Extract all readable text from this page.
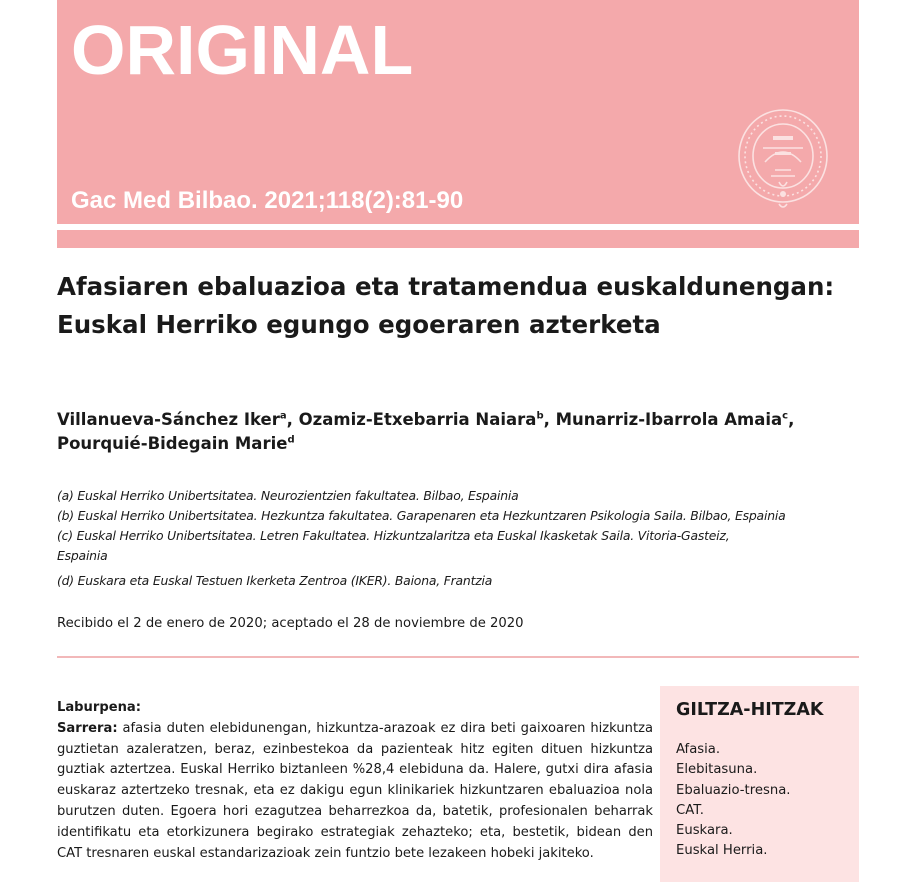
ORIGINAL
Gac Med Bilbao. 2021;118(2):81-90
Afasiaren ebaluazioa eta tratamendua euskaldunengan: Euskal Herriko egungo egoeraren azterketa
Villanueva-Sánchez Iker$^a$, Ozamiz-Etxebarria Naiara$^b$, Munarriz-Ibarrola Amaia$^c$,
Pourquié-Bidegain Marie$^d$
(a) Euskal Herriko Unibertsitatea. Neurozientzien fakultatea. Bilbao, Espainia
(b) Euskal Herriko Unibertsitatea. Hezkuntza fakultatea. Garapenaren eta Hezkuntzaren Psikologia Saila. Bilbao, Espainia
(c) Euskal Herriko Unibertsitatea. Letren Fakultatea. Hizkuntzalaritza eta Euskal Ikasketak Saila. Vitoria-Gasteiz, Espainia
(d) Euskara eta Euskal Testuen Ikerketa Zentroa (IKER). Baiona, Frantzia
Recibido el 2 de enero de 2020; aceptado el 28 de noviembre de 2020
Laburpena:

Sarrera: afasia duten elebidunengan, hizkuntza-arazoak ez dira beti gaixoaren hizkuntza guztietan azaleratzen, beraz, ezinbestekoa da pazienteak hitz egiten dituen hizkuntza guztiak aztertzea. Euskal Herriko biztanleen %28,4 elebiduna da. Halere, gutxi dira afasia euskaraz aztertzeko tresnak, eta ez dakigu egun klinikariek hizkuntzaren ebaluazioa nola burutzen duten. Egoera hori ezagutzea beharrezkoa da, batetik, profesionalen beharrak identifikatu eta etorkizunera begirako estrategiak zehazteko; eta, bestetik, bidean den CAT tresnaren euskal estandarizazioak zein funtzio bete lezakeen hobeki jakiteko.

GILTZA-HITZAK
Afasia.
Elebitasuna.
Ebaluazio-tresna.
CAT.
Euskara.
Euskal Herria.
